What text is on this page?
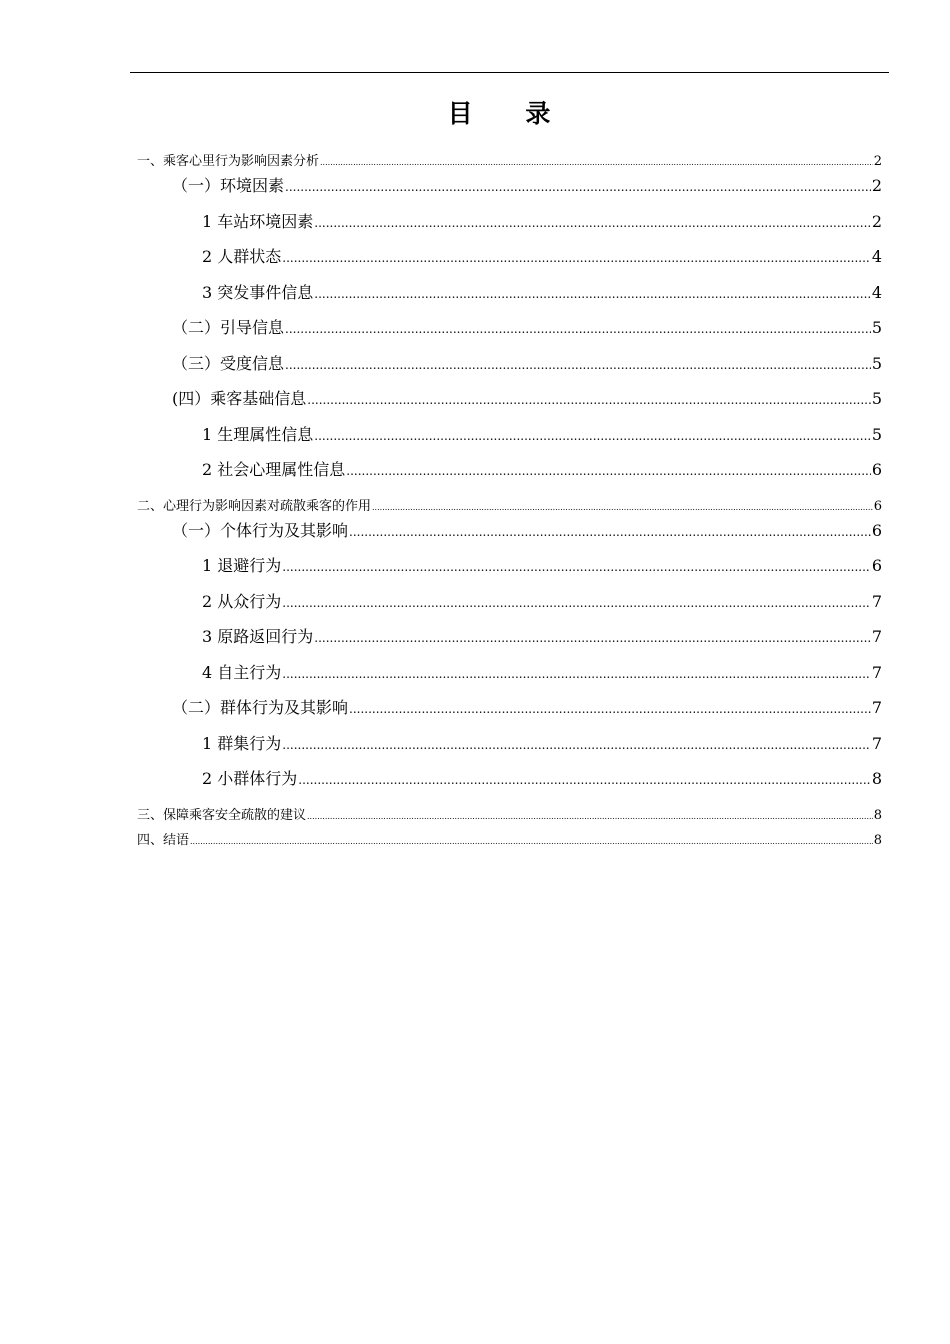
目 录
一、乘客心里行为影响因素分析 .....	2
（一）环境因素 .....	2
1 车站环境因素 .....	2
2 人群状态 .....	4
3 突发事件信息 .....	4
（二）引导信息 .....	5
（三）受度信息 .....	5
(四）乘客基础信息 .....	5
1 生理属性信息 .....	5
2 社会心理属性信息 .....	6
二、心理行为影响因素对疏散乘客的作用 .....	6
（一）个体行为及其影响 .....	6
1 退避行为 .....	6
2 从众行为 .....	7
3 原路返回行为 .....	7
4 自主行为 .....	7
（二）群体行为及其影响 .....	7
1 群集行为 .....	7
2 小群体行为 .....	8
三、保障乘客安全疏散的建议 .....	8
四、结语 .....	8
